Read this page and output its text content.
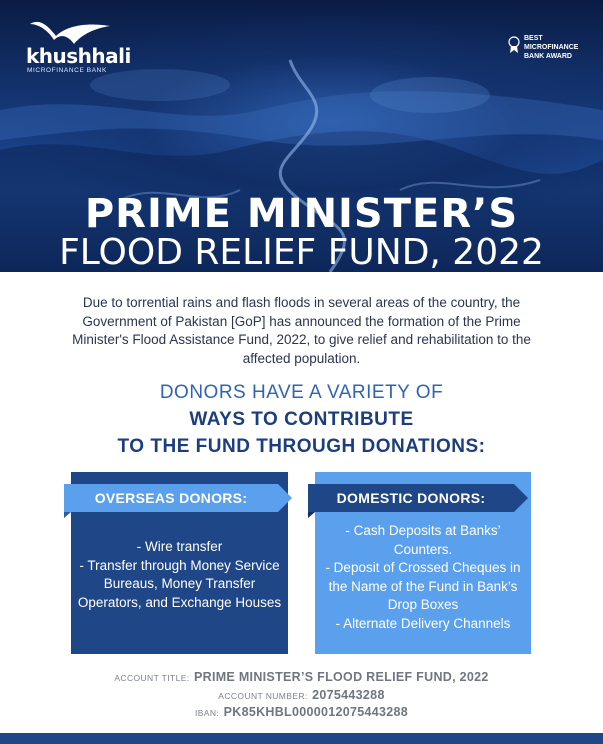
khushhali
MICROFINANCE BANK
BEST
MICROFINANCE
BANK AWARD
PRIME MINISTER’S
FLOOD RELIEF FUND, 2022
Due to torrential rains and flash floods in several areas of the country, the Government of Pakistan [GoP] has announced the formation of the Prime Minister's Flood Assistance Fund, 2022, to give relief and rehabilitation to the affected population.
DONORS HAVE A VARIETY OF
WAYS TO CONTRIBUTE
TO THE FUND THROUGH DONATIONS:
OVERSEAS DONORS:	DOMESTIC DONORS:
- Wire transfer
- Transfer through Money Service Bureaus, Money Transfer Operators, and Exchange Houses
- Cash Deposits at Banks’ Counters.
- Deposit of Crossed Cheques in the Name of the Fund in Bank’s Drop Boxes
- Alternate Delivery Channels
ACCOUNT TITLE: PRIME MINISTER’S FLOOD RELIEF FUND, 2022
ACCOUNT NUMBER: 2075443288
IBAN: PK85KHBL0000012075443288
